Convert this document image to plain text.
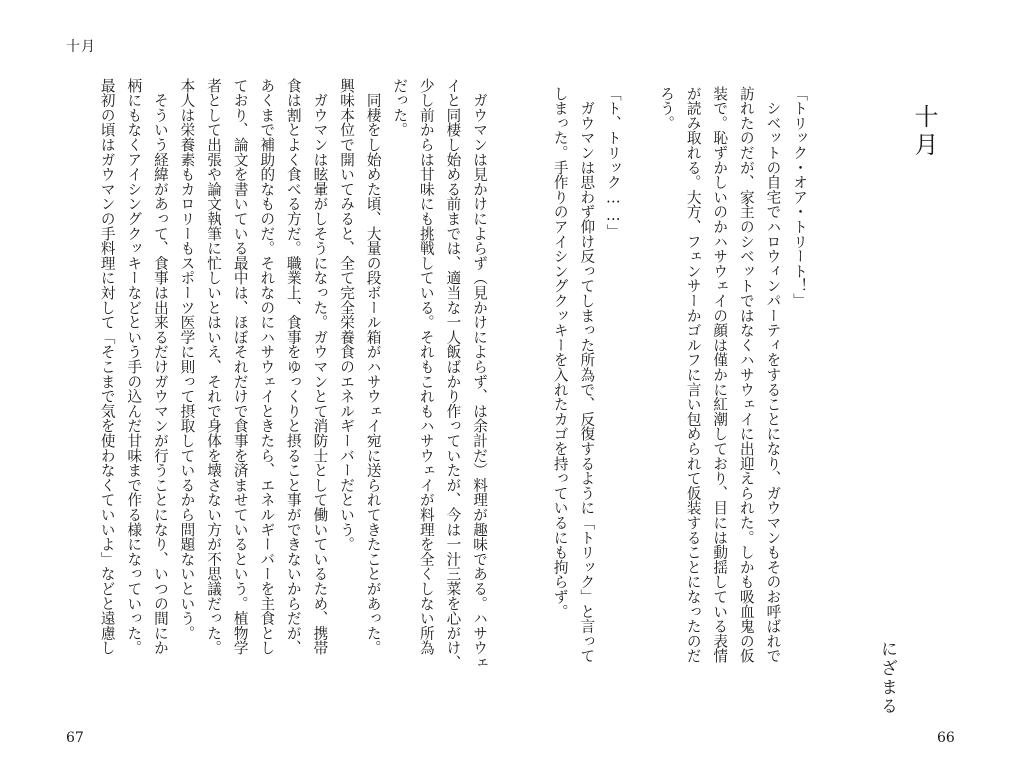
十月

　ガウマンは見かけによらず（見かけによらず、は余計だ）料理が趣味である。ハサウェ

イと同棲し始める前までは、適当な一人飯ばかり作っていたが、今は一汁三菜を心がけ、

少し前からは甘味にも挑戦している。それもこれもハサウェイが料理を全くしない所為

だった。

　同棲をし始めた頃、大量の段ボール箱がハサウェイ宛に送られてきたことがあった。

興味本位で開いてみると、全て完全栄養食のエネルギーバーだという。

　ガウマンは眩暈がしそうになった。ガウマンとて消防士として働いているため、携帯

食は割とよく食べる方だ。職業上、食事をゆっくりと摂ること事ができないからだが、

あくまで補助的なものだ。それなのにハサウェイときたら、エネルギーバーを主食とし

ており、論文を書いている最中は、ほぼそれだけで食事を済ませているという。植物学

者として出張や論文執筆に忙しいとはいえ、それで身体を壊さない方が不思議だった。

本人は栄養素もカロリーもスポーツ医学に則って摂取しているから問題ないという。

　そういう経緯があって、食事は出来るだけガウマンが行うことになり、いつの間にか

柄にもなくアイシングクッキーなどという手の込んだ甘味まで作る様になっていった。

最初の頃はガウマンの手料理に対して「そこまで気を使わなくていいよ」などと遠慮し

67
十月

「トリック・オア・トリート！」

　シベットの自宅でハロウィンパーティをすることになり、ガウマンもそのお呼ばれで

訪れたのだが、家主のシベットではなくハサウェイに出迎えられた。しかも吸血鬼の仮

装で。恥ずかしいのかハサウェイの顔は僅かに紅潮しており、目には動揺している表情

が読み取れる。大方、フェンサーかゴルフに言い包められて仮装することになったのだ

ろう。

「ト、トリック……」

　ガウマンは思わず仰け反ってしまった所為で、反復するように「トリック」と言って

しまった。手作りのアイシングクッキーを入れたカゴを持っているにも拘らず。

にざまる
66
